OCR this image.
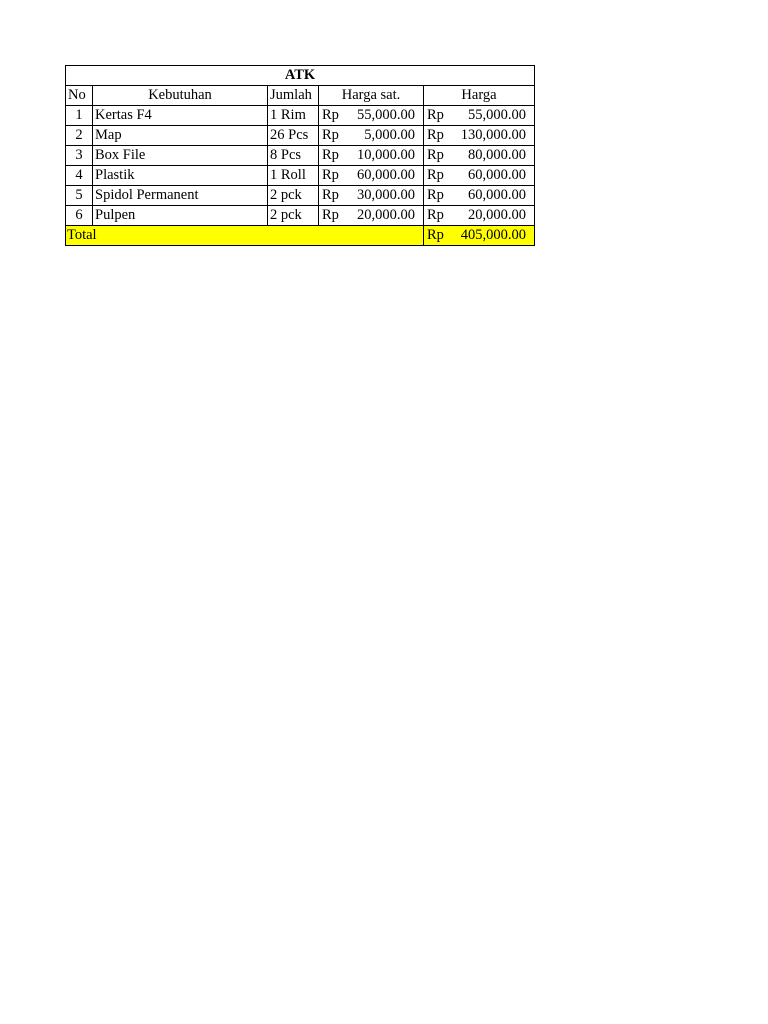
ATK				
No	Kebutuhan	Jumlah	Harga sat.	Harga
1	Kertas F4	1 Rim	Rp 55,000.00	Rp 55,000.00

2	Map	26 Pcs	Rp 5,000.00	Rp 130,000.00

3	Box File	8 Pcs	Rp 10,000.00	Rp 80,000.00

4	Plastik	1 Roll	Rp 60,000.00	Rp 60,000.00

5	Spidol Permanent	2 pck	Rp 30,000.00	Rp 60,000.00

6	Pulpen	2 pck	Rp 20,000.00	Rp 20,000.00

Total				Rp 405,000.00
